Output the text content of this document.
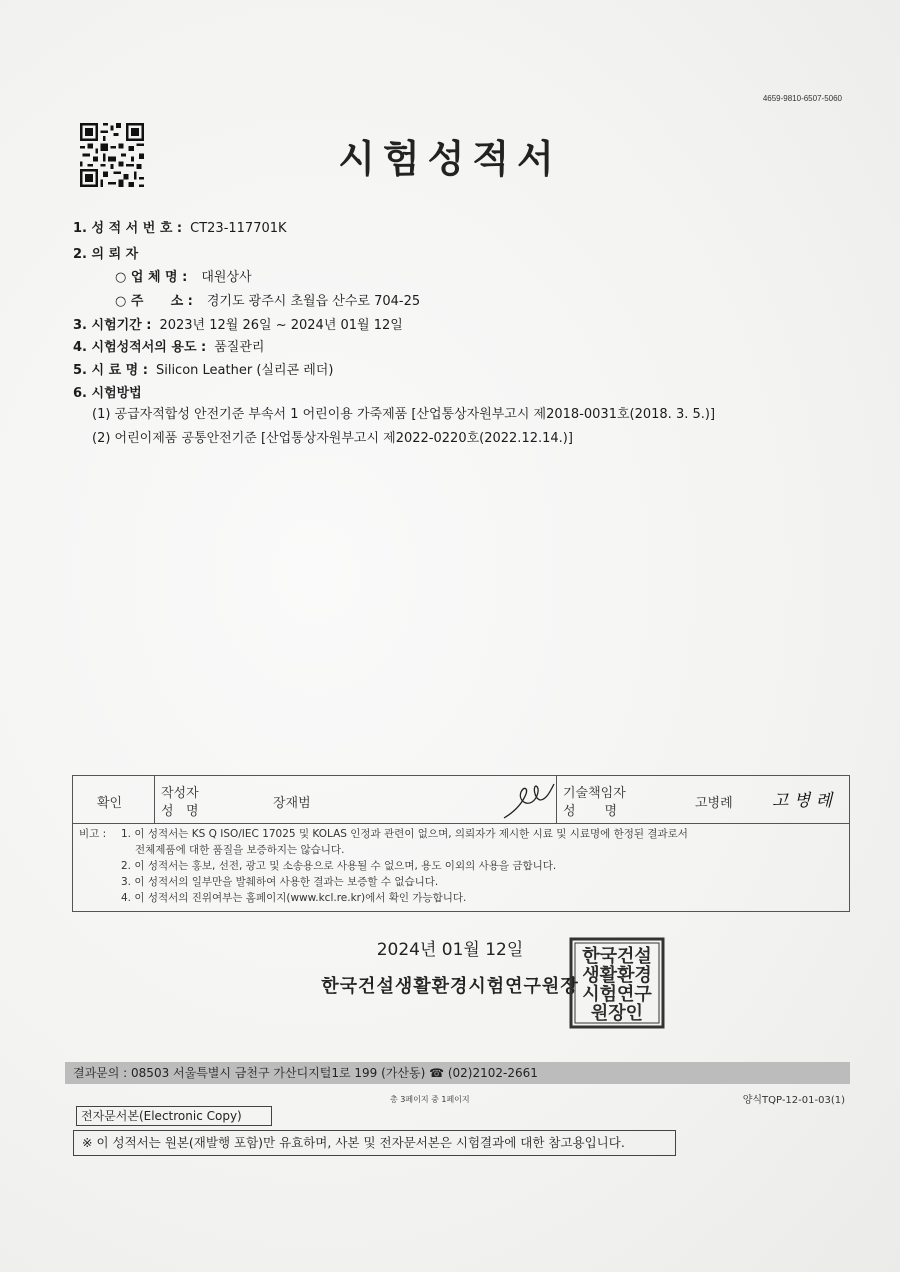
4659-9810-6507-5060
시험성적서
1. 성 적 서 번 호 : CT23-117701K
2. 의 뢰 자
○ 업 체 명 : 대원상사
○ 주      소 : 경기도 광주시 초월읍 산수로 704-25
3. 시험기간 : 2023년 12월 26일 ~ 2024년 01월 12일
4. 시험성적서의 용도 : 품질관리
5. 시 료 명 : Silicon Leather (실리콘 레더)
6. 시험방법
(1) 공급자적합성 안전기준 부속서 1 어린이용 가죽제품 [산업통상자원부고시 제2018-0031호(2018. 3. 5.)]
(2) 어린이제품 공통안전기준 [산업통상자원부고시 제2022-0220호(2022.12.14.)]
확인
작성자
성   명
장재범
기술책임자
성       명
고병례 고 병 례
비고 : 1. 이 성적서는 KS Q ISO/IEC 17025 및 KOLAS 인정과 관련이 없으며, 의뢰자가 제시한 시료 및 시료명에 한정된 결과로서
전체제품에 대한 품질을 보증하지는 않습니다.
2. 이 성적서는 홍보, 선전, 광고 및 소송용으로 사용될 수 없으며, 용도 이외의 사용을 금합니다.
3. 이 성적서의 일부만을 발췌하여 사용한 결과는 보증할 수 없습니다.
4. 이 성적서의 진위여부는 홈페이지(www.kcl.re.kr)에서 확인 가능합니다.
2024년 01월 12일
한국건설생활환경시험연구원장
한국건설
생활환경
시험연구
원장인
결과문의 : 08503 서울특별시 금천구 가산디지털1로 199 (가산동) ☎ (02)2102-2661
총 3페이지 중 1페이지	양식TQP-12-01-03(1)
전자문서본(Electronic Copy)
※ 이 성적서는 원본(재발행 포함)만 유효하며, 사본 및 전자문서본은 시험결과에 대한 참고용입니다.
